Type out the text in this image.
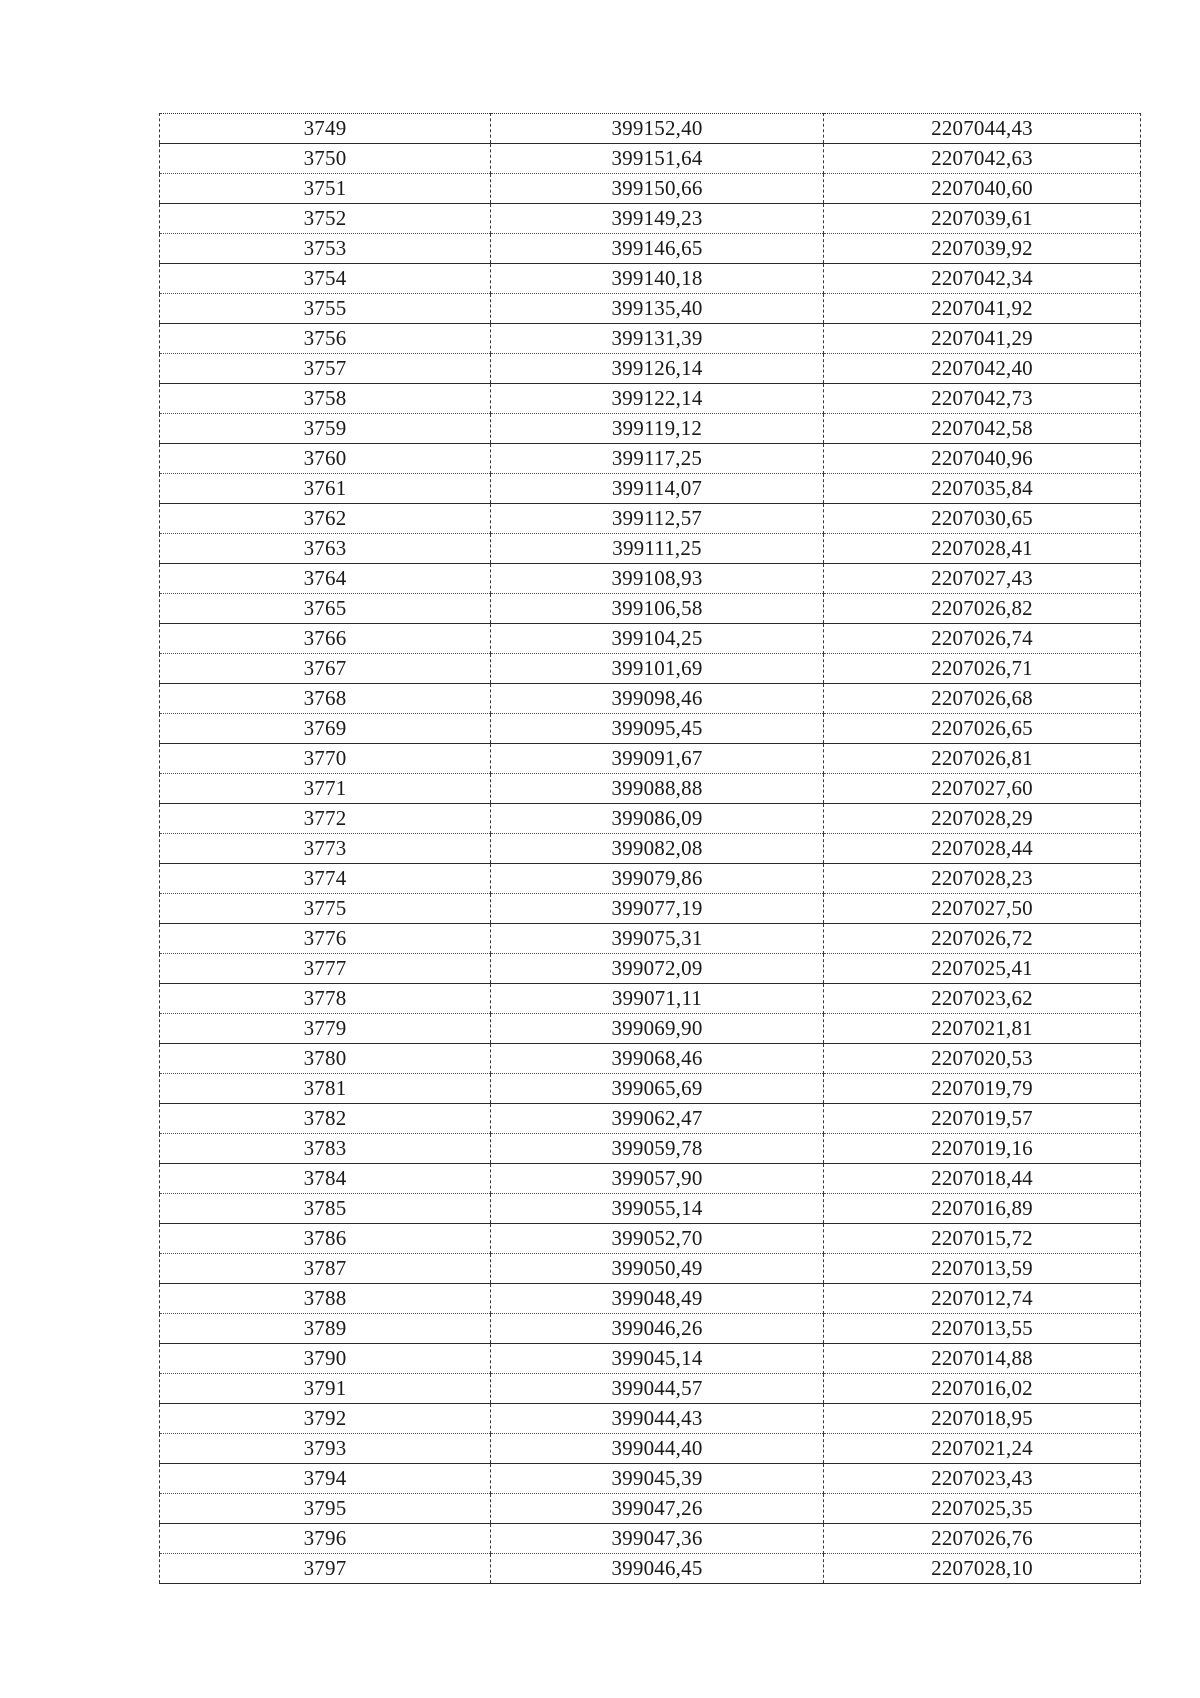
3749	399152,40	2207044,43
3750	399151,64	2207042,63
3751	399150,66	2207040,60
3752	399149,23	2207039,61
3753	399146,65	2207039,92
3754	399140,18	2207042,34
3755	399135,40	2207041,92
3756	399131,39	2207041,29
3757	399126,14	2207042,40
3758	399122,14	2207042,73
3759	399119,12	2207042,58
3760	399117,25	2207040,96
3761	399114,07	2207035,84
3762	399112,57	2207030,65
3763	399111,25	2207028,41
3764	399108,93	2207027,43
3765	399106,58	2207026,82
3766	399104,25	2207026,74
3767	399101,69	2207026,71
3768	399098,46	2207026,68
3769	399095,45	2207026,65
3770	399091,67	2207026,81
3771	399088,88	2207027,60
3772	399086,09	2207028,29
3773	399082,08	2207028,44
3774	399079,86	2207028,23
3775	399077,19	2207027,50
3776	399075,31	2207026,72
3777	399072,09	2207025,41
3778	399071,11	2207023,62
3779	399069,90	2207021,81
3780	399068,46	2207020,53
3781	399065,69	2207019,79
3782	399062,47	2207019,57
3783	399059,78	2207019,16
3784	399057,90	2207018,44
3785	399055,14	2207016,89
3786	399052,70	2207015,72
3787	399050,49	2207013,59
3788	399048,49	2207012,74
3789	399046,26	2207013,55
3790	399045,14	2207014,88
3791	399044,57	2207016,02
3792	399044,43	2207018,95
3793	399044,40	2207021,24
3794	399045,39	2207023,43
3795	399047,26	2207025,35
3796	399047,36	2207026,76
3797	399046,45	2207028,10
